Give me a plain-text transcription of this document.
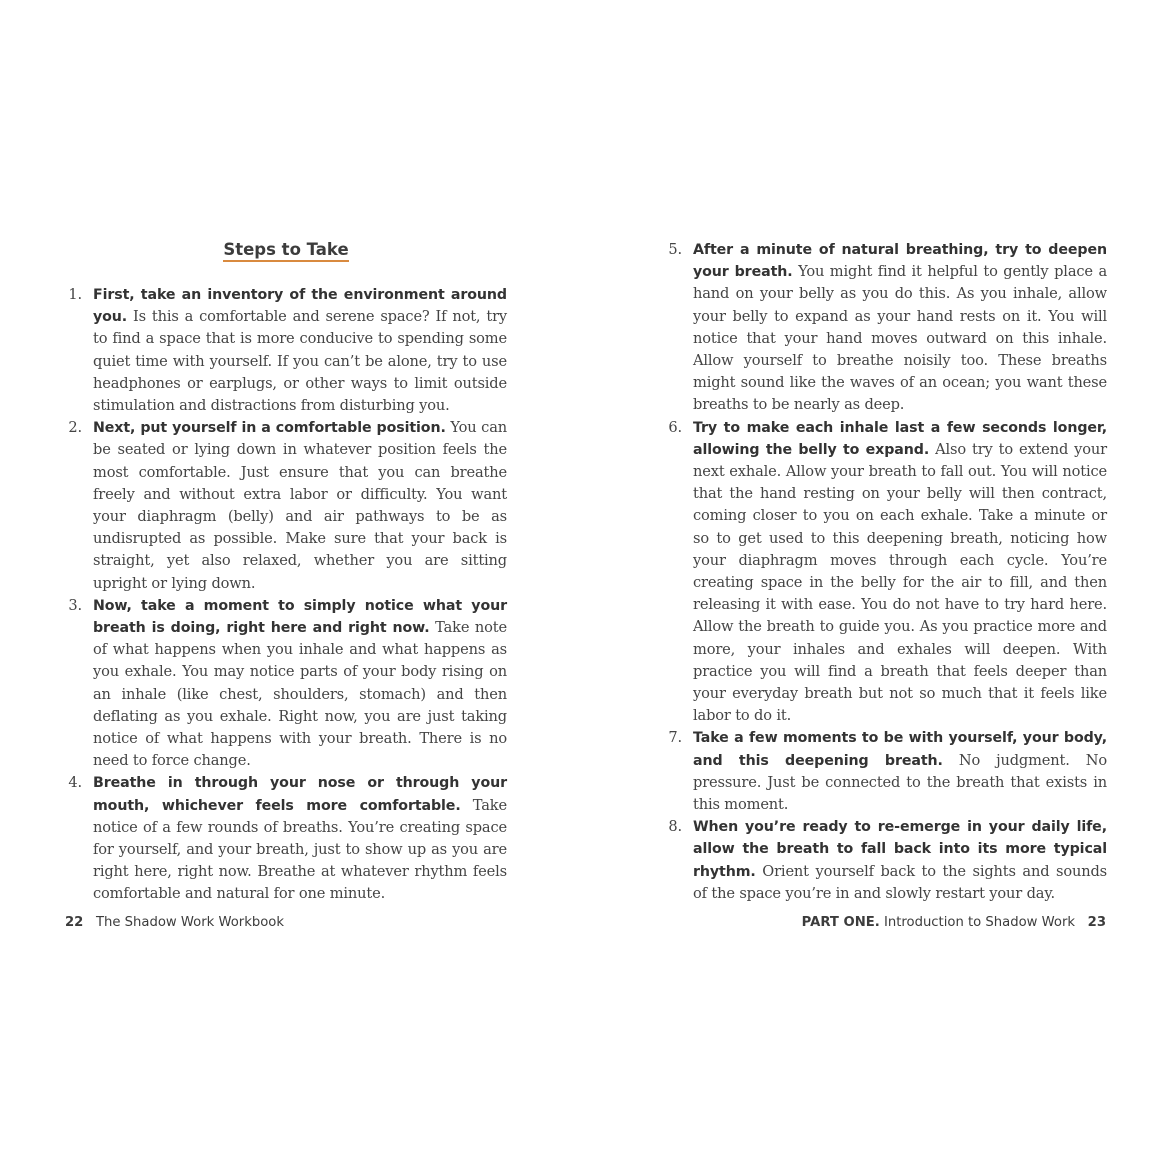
Steps to Take
1. First, take an inventory of the environment around you. Is this a comfortable and serene space? If not, try to find a space that is more conducive to spending some quiet time with yourself. If you can’t be alone, try to use headphones or earplugs, or other ways to limit outside stimulation and distractions from disturbing you.
2. Next, put yourself in a comfortable position. You can be seated or lying down in whatever position feels the most comfortable. Just ensure that you can breathe freely and without extra labor or difficulty. You want your diaphragm (belly) and air pathways to be as undisrupted as possible. Make sure that your back is straight, yet also relaxed, whether you are sitting upright or lying down.
3. Now, take a moment to simply notice what your breath is doing, right here and right now. Take note of what happens when you inhale and what happens as you exhale. You may notice parts of your body rising on an inhale (like chest, shoulders, stomach) and then deflating as you exhale. Right now, you are just taking notice of what happens with your breath. There is no need to force change.
4. Breathe in through your nose or through your mouth, whichever feels more comfortable. Take notice of a few rounds of breaths. You’re creating space for yourself, and your breath, just to show up as you are right here, right now. Breathe at whatever rhythm feels comfortable and natural for one minute.
5. After a minute of natural breathing, try to deepen your breath. You might find it helpful to gently place a hand on your belly as you do this. As you inhale, allow your belly to expand as your hand rests on it. You will notice that your hand moves outward on this inhale. Allow yourself to breathe noisily too. These breaths might sound like the waves of an ocean; you want these breaths to be nearly as deep.
6. Try to make each inhale last a few seconds longer, allowing the belly to expand. Also try to extend your next exhale. Allow your breath to fall out. You will notice that the hand resting on your belly will then contract, coming closer to you on each exhale. Take a minute or so to get used to this deepening breath, noticing how your diaphragm moves through each cycle. You’re creating space in the belly for the air to fill, and then releasing it with ease. You do not have to try hard here. Allow the breath to guide you. As you practice more and more, your inhales and exhales will deepen. With practice you will find a breath that feels deeper than your everyday breath but not so much that it feels like labor to do it.
7. Take a few moments to be with yourself, your body, and this deepening breath. No judgment. No pressure. Just be connected to the breath that exists in this moment.
8. When you’re ready to re-emerge in your daily life, allow the breath to fall back into its more typical rhythm. Orient yourself back to the sights and sounds of the space you’re in and slowly restart your day.
22 The Shadow Work Workbook	PART ONE. Introduction to Shadow Work 23
